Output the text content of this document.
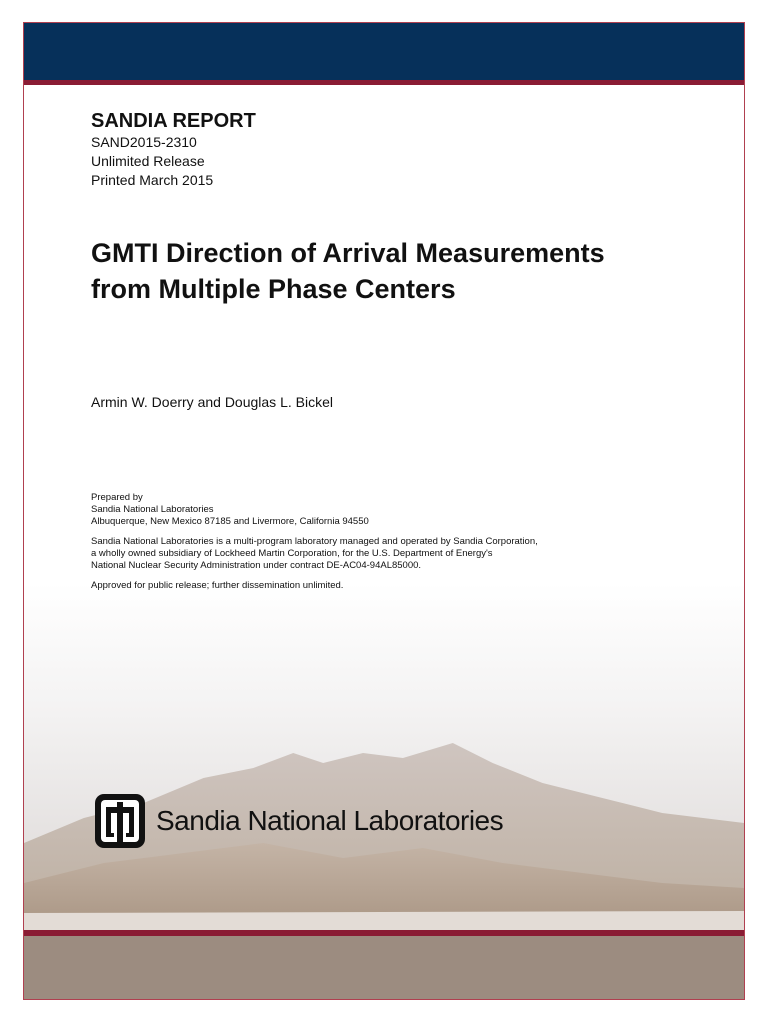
SANDIA REPORT
SAND2015-2310
Unlimited Release
Printed March 2015
GMTI Direction of Arrival Measurements
from Multiple Phase Centers
Armin W. Doerry and Douglas L. Bickel

Prepared by
Sandia National Laboratories
Albuquerque, New Mexico 87185 and Livermore, California 94550

Sandia National Laboratories is a multi-program laboratory managed and operated by Sandia Corporation,
a wholly owned subsidiary of Lockheed Martin Corporation, for the U.S. Department of Energy's
National Nuclear Security Administration under contract DE-AC04-94AL85000.

Approved for public release; further dissemination unlimited.

Sandia National Laboratories
